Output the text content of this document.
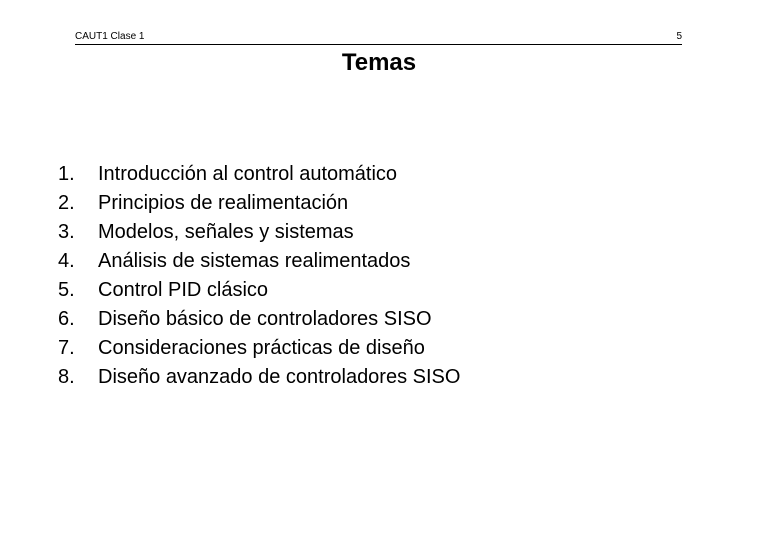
CAUT1 Clase 1	5
Temas
1. Introducción al control automático
2. Principios de realimentación
3. Modelos, señales y sistemas
4. Análisis de sistemas realimentados
5. Control PID clásico
6. Diseño básico de controladores SISO
7. Consideraciones prácticas de diseño
8. Diseño avanzado de controladores SISO
